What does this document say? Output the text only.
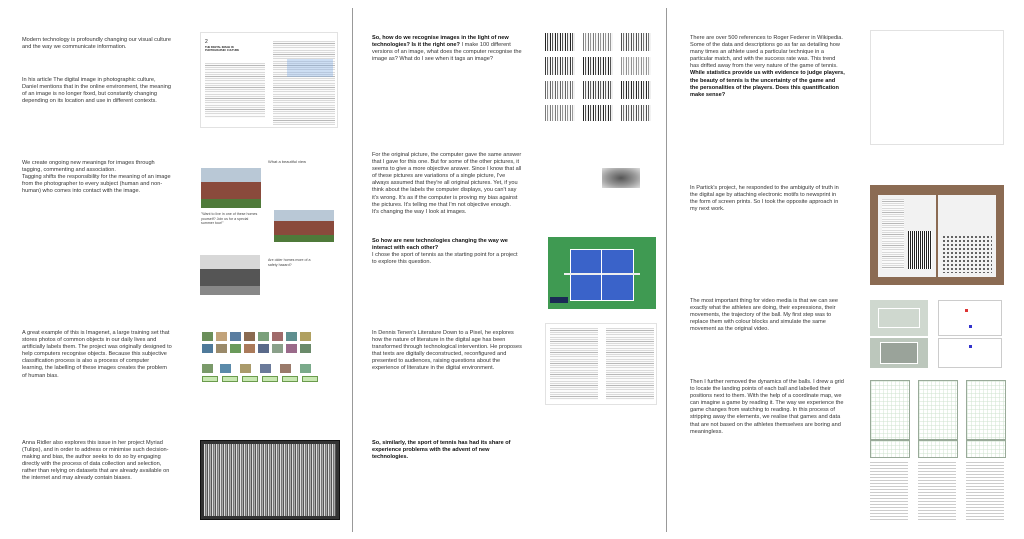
Modern technology is profoundly changing our visual culture and the way we communicate information.
In his article The digital image in photographic culture, Daniel mentions that in the online environment, the meaning of an image is no longer fixed, but constantly changing depending on its location and use in different contexts.
2
THE DIGITAL IMAGE IN PHOTOGRAPHIC CULTURE
We create ongoing new meanings for images through tagging, commenting and association.
Tagging shifts the responsibility for the meaning of an image from the photographer to every subject (human and non-human) who comes into contact with the image.
What a beautiful view
"Want to live in one of these homes yourself? Join us for a special summer tour!"
Are older homes more of a safety hazard?
A great example of this is Imagenet, a large training set that stores photos of common objects in our daily lives and artificially labels them. The project was originally designed to help computers recognise objects. Because this subjective classification process is also a process of computer learning, the labelling of these images creates the problem of human bias.
Anna Ridler also explores this issue in her project Myriad (Tulips), and in order to address or minimise such decision-making and bias, the author seeks to do so by engaging directly with the process of data collection and selection, rather than relying on datasets that are already available on the internet and may already contain biases.
So, how do we recognise images in the light of new technologies? Is it the right one? I make 100 different versions of an image, what does the computer recognise the image as? What do I see when it tags an image?
For the original picture, the computer gave the same answer that I gave for this one. But for some of the other pictures, it seems to give a more objective answer. Since I know that all of these pictures are variations of a single picture, I've always assumed that they're all original pictures. Yet, if you think about the labels the computer displays, you can't say it's wrong. It's as if the computer is proving my bias against the pictures. It's telling me that I'm not objective enough.
It's changing the way I look at images.
So how are new technologies changing the way we interact with each other?
I chose the sport of tennis as the starting point for a project to explore this question.
In Dennis Tenen's Literature Down to a Pixel, he explores how the nature of literature in the digital age has been transformed through technological intervention. He proposes that texts are digitally deconstructed, reconfigured and presented to audiences, raising questions about the experience of literature in the digital environment.
So, similarly, the sport of tennis has had its share of experience problems with the advent of new technologies.
There are over 500 references to Roger Federer in Wikipedia. Some of the data and descriptions go as far as detailing how many times an athlete used a particular technique in a particular match, and with the success rate was. This trend has drifted away from the very nature of the game of tennis. While statistics provide us with evidence to judge players, the beauty of tennis is the uncertainty of the game and the personalities of the players. Does this quantification make sense?
In Partick's project, he responded to the ambiguity of truth in the digital age by attaching electronic motifs to newsprint in the form of screen prints. So I took the opposite approach in my next work.
The most important thing for video media is that we can see exactly what the athletes are doing, their expressions, their movements, the trajectory of the ball. My first step was to replace them with colour blocks and simulate the same movement as the original video.
Then I further removed the dynamics of the balls. I drew a grid to locate the landing points of each ball and labelled their positions next to them. With the help of a coordinate map, we can imagine a game by reading it. The way we experience the game changes from watching to reading. In this process of stripping away the elements, we realise that games and data that are not based on the athletes themselves are boring and meaningless.
